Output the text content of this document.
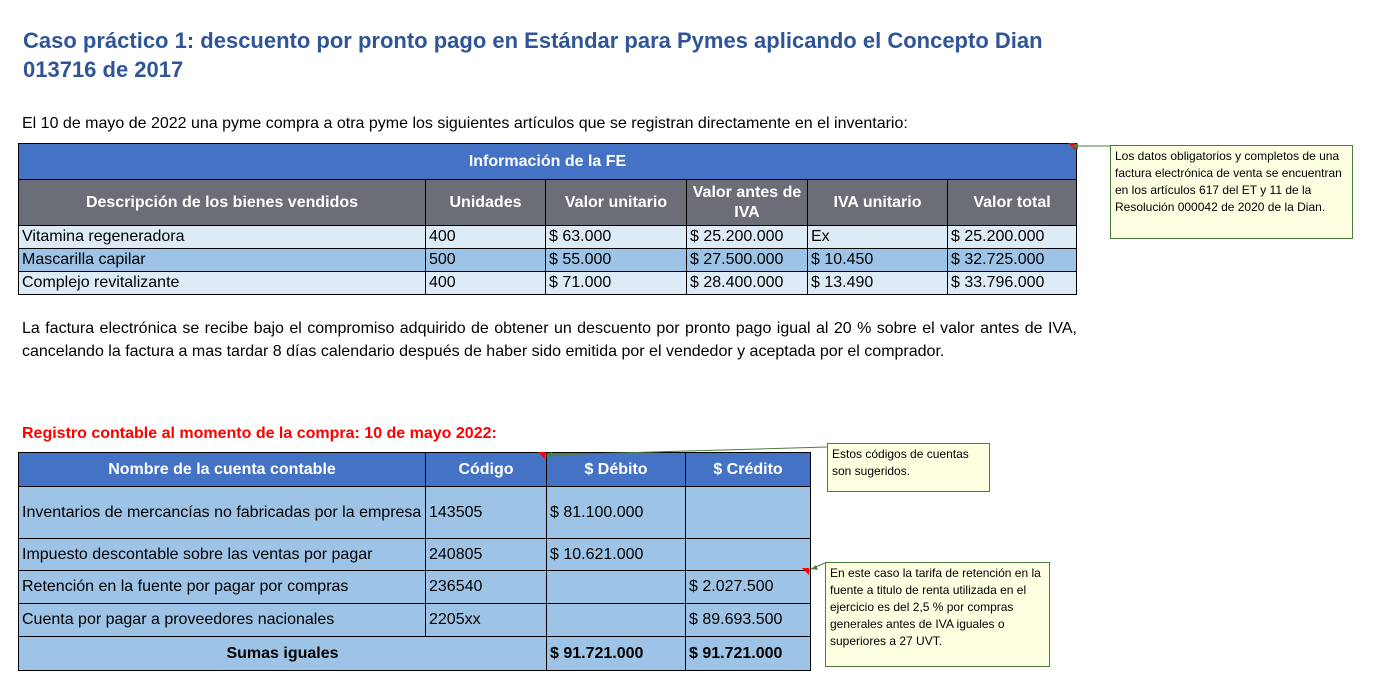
Caso práctico 1: descuento por pronto pago en Estándar para Pymes aplicando el Concepto Dian 013716 de 2017
El 10 de mayo de 2022 una pyme compra a otra pyme los siguientes artículos que se registran directamente en el inventario:
Información de la FE					
Descripción de los bienes vendidos	Unidades	Valor unitario	Valor antes de IVA	IVA unitario	Valor total
Vitamina regeneradora	400	$ 63.000	$ 25.200.000	Ex	$ 25.200.000
Mascarilla capilar	500	$ 55.000	$ 27.500.000	$ 10.450	$ 32.725.000
Complejo revitalizante	400	$ 71.000	$ 28.400.000	$ 13.490	$ 33.796.000
La factura electrónica se recibe bajo el compromiso adquirido de obtener un descuento por pronto pago igual al 20 % sobre el valor antes de IVA, cancelando la factura a mas tardar 8 días calendario después de haber sido emitida por el vendedor y aceptada por el comprador.
Registro contable al momento de la compra: 10 de mayo 2022:
Nombre de la cuenta contable	Código	$ Débito	$ Crédito
Inventarios de mercancías no fabricadas por la empresa	143505	$ 81.100.000	
Impuesto descontable sobre las ventas por pagar	240805	$ 10.621.000	
Retención en la fuente por pagar por compras	236540		$ 2.027.500
Cuenta por pagar a proveedores nacionales	2205xx		$ 89.693.500
Sumas iguales		$ 91.721.000	$ 91.721.000
Los datos obligatorios y completos de una factura electrónica de venta se encuentran en los artículos 617 del ET y 11 de la Resolución 000042 de 2020 de la Dian.
Estos códigos de cuentas son sugeridos.
En este caso la tarifa de retención en la fuente a titulo de renta utilizada en el ejercicio es del 2,5 % por compras generales antes de IVA iguales o superiores a 27 UVT.
